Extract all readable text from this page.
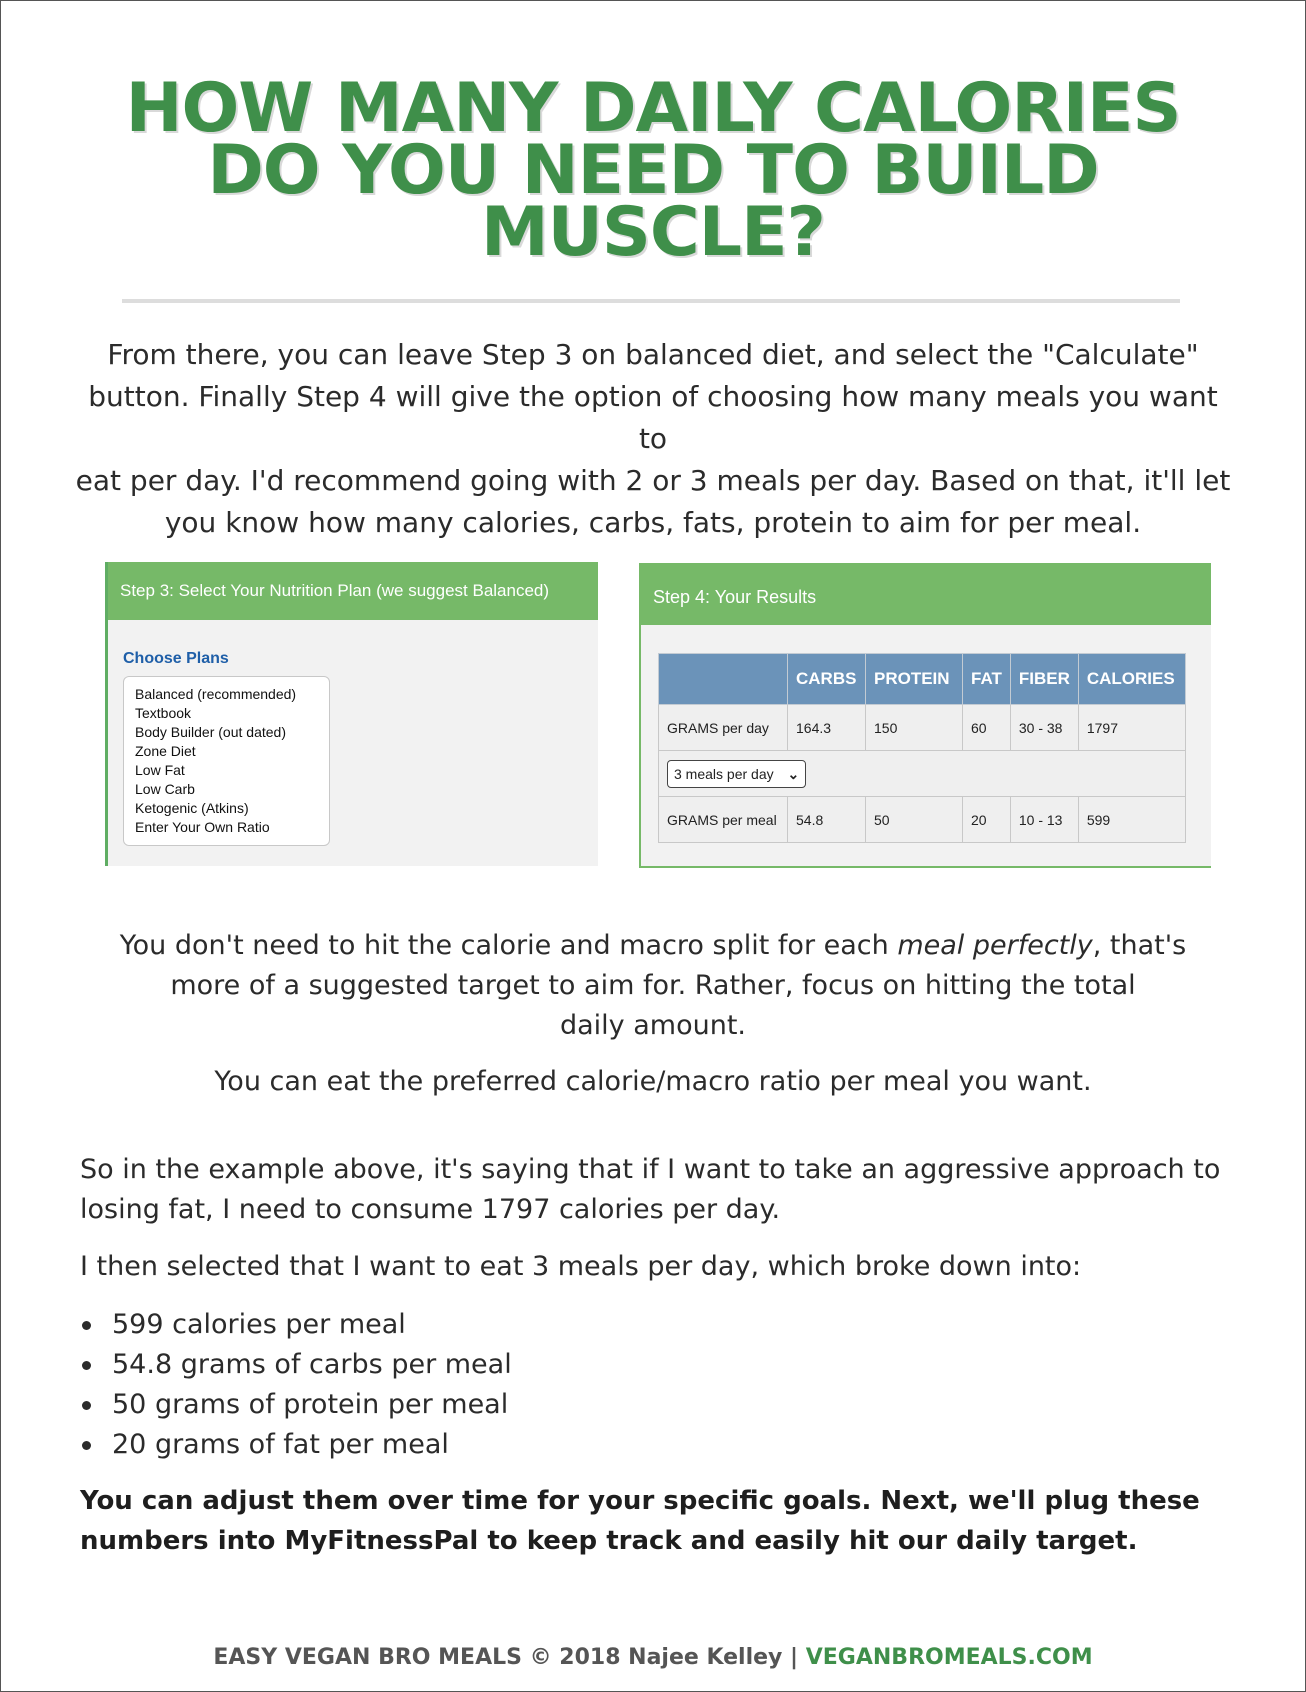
HOW MANY DAILY CALORIES
DO YOU NEED TO BUILD
MUSCLE?
From there, you can leave Step 3 on balanced diet, and select the "Calculate"
button. Finally Step 4 will give the option of choosing how many meals you want to
eat per day. I'd recommend going with 2 or 3 meals per day. Based on that, it'll let
you know how many calories, carbs, fats, protein to aim for per meal.
Step 3: Select Your Nutrition Plan (we suggest Balanced)
Choose Plans
Balanced (recommended)
Textbook
Body Builder (out dated)
Zone Diet
Low Fat
Low Carb
Ketogenic (Atkins)
Enter Your Own Ratio
Step 4: Your Results
	CARBS	PROTEIN	FAT	FIBER	CALORIES
GRAMS per day	164.3	150	60	30 - 38	1797
3 meals per day ⌄					
GRAMS per meal	54.8	50	20	10 - 13	599
You don't need to hit the calorie and macro split for each meal perfectly, that's
more of a suggested target to aim for. Rather, focus on hitting the total
daily amount.
You can eat the preferred calorie/macro ratio per meal you want.
So in the example above, it's saying that if I want to take an aggressive approach to
losing fat, I need to consume 1797 calories per day.
I then selected that I want to eat 3 meals per day, which broke down into:
599 calories per meal
54.8 grams of carbs per meal
50 grams of protein per meal
20 grams of fat per meal
You can adjust them over time for your specific goals. Next, we'll plug these
numbers into MyFitnessPal to keep track and easily hit our daily target.
EASY VEGAN BRO MEALS © 2018 Najee Kelley | VEGANBROMEALS.COM
